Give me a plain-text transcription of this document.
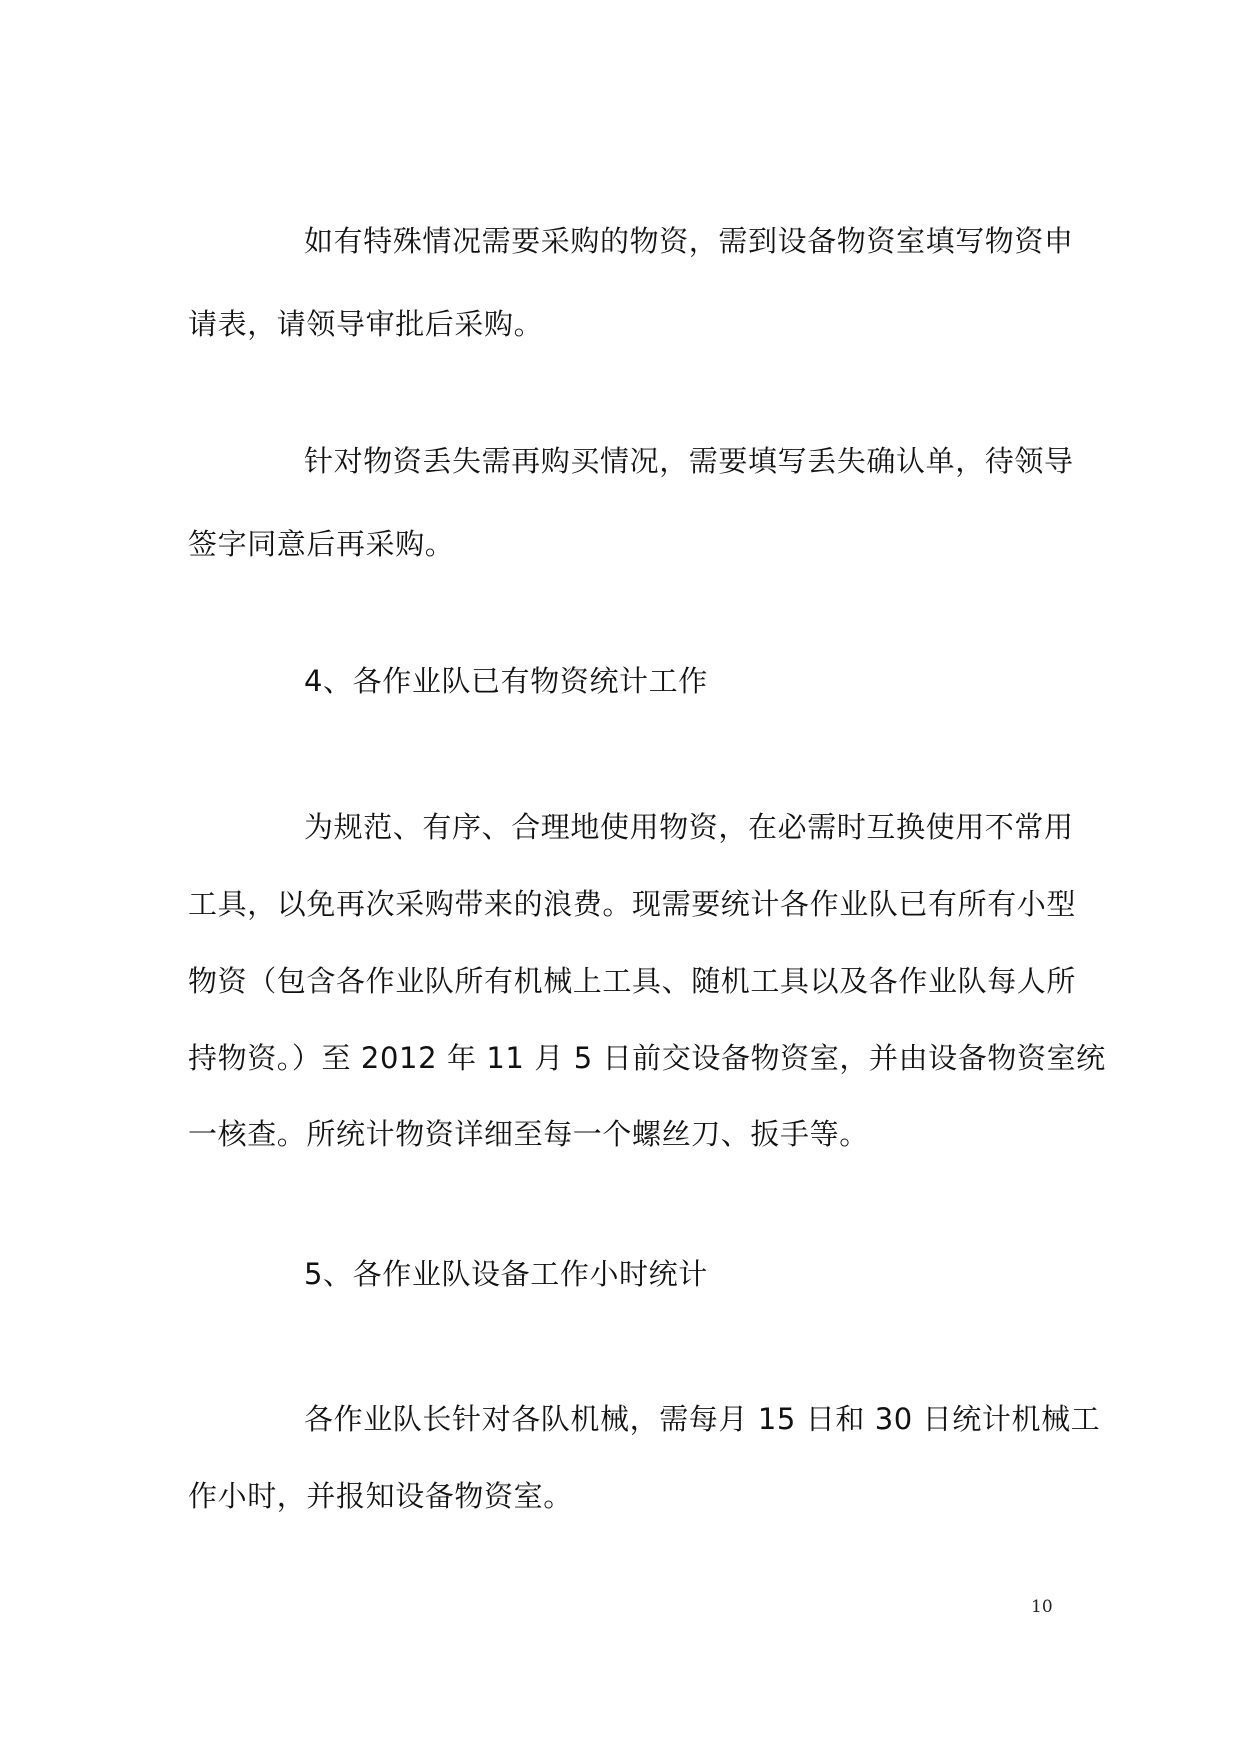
如有特殊情况需要采购的物资，需到设备物资室填写物资申
请表，请领导审批后采购。
针对物资丢失需再购买情况，需要填写丢失确认单，待领导
签字同意后再采购。
4、各作业队已有物资统计工作
为规范、有序、合理地使用物资，在必需时互换使用不常用
工具，以免再次采购带来的浪费。现需要统计各作业队已有所有小型
物资（包含各作业队所有机械上工具、随机工具以及各作业队每人所
持物资。）至 2012 年 11 月 5 日前交设备物资室，并由设备物资室统
一核查。所统计物资详细至每一个螺丝刀、扳手等。
5、各作业队设备工作小时统计
各作业队长针对各队机械，需每月 15 日和 30 日统计机械工
作小时，并报知设备物资室。
10
